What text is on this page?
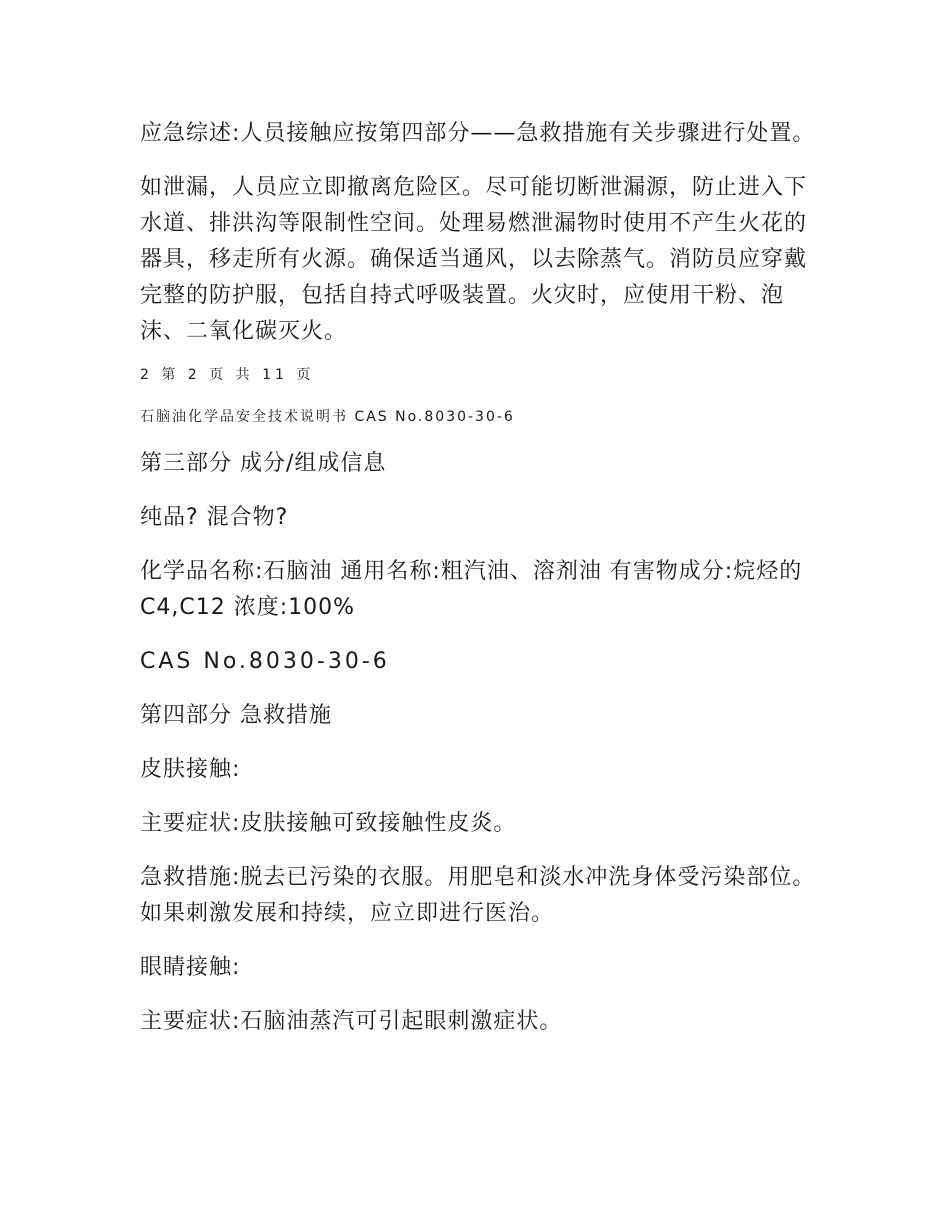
应急综述:人员接触应按第四部分——急救措施有关步骤进行处置。

如泄漏，人员应立即撤离危险区。尽可能切断泄漏源，防止进入下水道、排洪沟等限制性空间。处理易燃泄漏物时使用不产生火花的器具，移走所有火源。确保适当通风，以去除蒸气。消防员应穿戴完整的防护服，包括自持式呼吸装置。火灾时，应使用干粉、泡沫、二氧化碳灭火。

2 第 2 页 共 11 页

石脑油化学品安全技术说明书 CAS No.8030-30-6

第三部分 成分/组成信息

纯品? 混合物?

化学品名称:石脑油 通用名称:粗汽油、溶剂油 有害物成分:烷烃的 C4,C12 浓度:100%

CAS No.8030-30-6

第四部分 急救措施

皮肤接触:

主要症状:皮肤接触可致接触性皮炎。

急救措施:脱去已污染的衣服。用肥皂和淡水冲洗身体受污染部位。如果刺激发展和持续，应立即进行医治。

眼睛接触:

主要症状:石脑油蒸汽可引起眼刺激症状。
